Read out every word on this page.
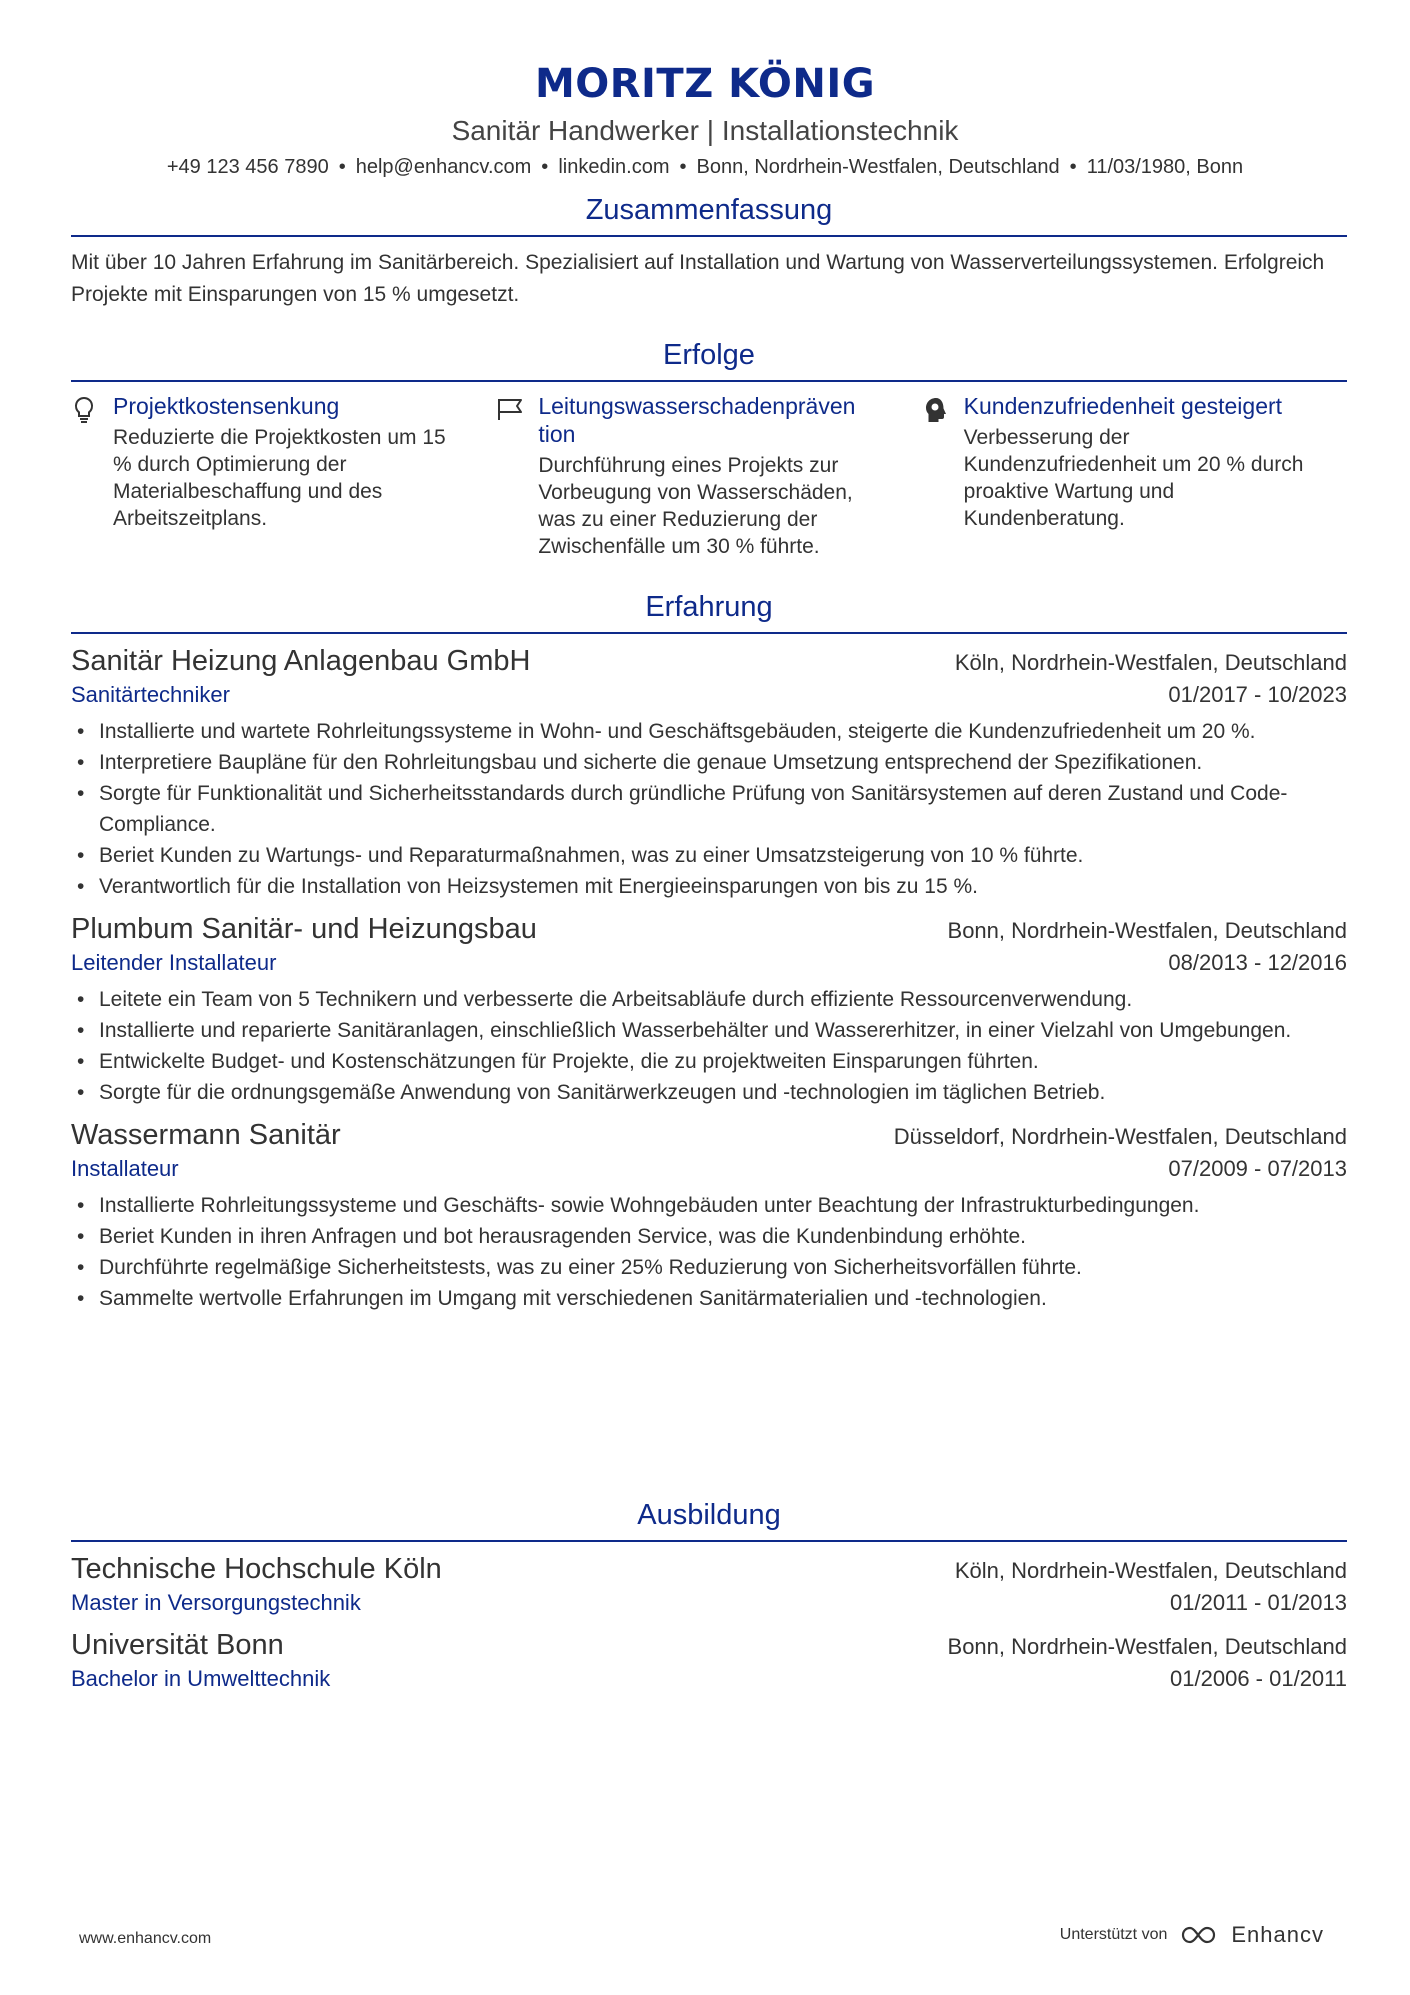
MORITZ KÖNIG
Sanitär Handwerker | Installationstechnik
+49 123 456 7890 • help@enhancv.com • linkedin.com • Bonn, Nordrhein-Westfalen, Deutschland • 11/03/1980, Bonn
Zusammenfassung
Mit über 10 Jahren Erfahrung im Sanitärbereich. Spezialisiert auf Installation und Wartung von Wasserverteilungssystemen. Erfolgreich Projekte mit Einsparungen von 15 % umgesetzt.
Erfolge
Projektkostensenkung
Reduzierte die Projektkosten um 15 % durch Optimierung der Materialbeschaffung und des Arbeitszeitplans.
Leitungswasserschadenpräven tion
Durchführung eines Projekts zur Vorbeugung von Wasserschäden, was zu einer Reduzierung der Zwischenfälle um 30 % führte.
Kundenzufriedenheit gesteigert
Verbesserung der Kundenzufriedenheit um 20 % durch proaktive Wartung und Kundenberatung.
Erfahrung
Sanitär Heizung Anlagenbau GmbH	Köln, Nordrhein-Westfalen, Deutschland
Sanitärtechniker	01/2017 - 10/2023
• Installierte und wartete Rohrleitungssysteme in Wohn- und Geschäftsgebäuden, steigerte die Kundenzufriedenheit um 20 %.
• Interpretiere Baupläne für den Rohrleitungsbau und sicherte die genaue Umsetzung entsprechend der Spezifikationen.
• Sorgte für Funktionalität und Sicherheitsstandards durch gründliche Prüfung von Sanitärsystemen auf deren Zustand und Code-Compliance.
• Beriet Kunden zu Wartungs- und Reparaturmaßnahmen, was zu einer Umsatzsteigerung von 10 % führte.
• Verantwortlich für die Installation von Heizsystemen mit Energieeinsparungen von bis zu 15 %.
Plumbum Sanitär- und Heizungsbau	Bonn, Nordrhein-Westfalen, Deutschland
Leitender Installateur	08/2013 - 12/2016
• Leitete ein Team von 5 Technikern und verbesserte die Arbeitsabläufe durch effiziente Ressourcenverwendung.
• Installierte und reparierte Sanitäranlagen, einschließlich Wasserbehälter und Wassererhitzer, in einer Vielzahl von Umgebungen.
• Entwickelte Budget- und Kostenschätzungen für Projekte, die zu projektweiten Einsparungen führten.
• Sorgte für die ordnungsgemäße Anwendung von Sanitärwerkzeugen und -technologien im täglichen Betrieb.
Wassermann Sanitär	Düsseldorf, Nordrhein-Westfalen, Deutschland
Installateur	07/2009 - 07/2013
• Installierte Rohrleitungssysteme und Geschäfts- sowie Wohngebäuden unter Beachtung der Infrastrukturbedingungen.
• Beriet Kunden in ihren Anfragen und bot herausragenden Service, was die Kundenbindung erhöhte.
• Durchführte regelmäßige Sicherheitstests, was zu einer 25% Reduzierung von Sicherheitsvorfällen führte.
• Sammelte wertvolle Erfahrungen im Umgang mit verschiedenen Sanitärmaterialien und -technologien.
Ausbildung
Technische Hochschule Köln	Köln, Nordrhein-Westfalen, Deutschland
Master in Versorgungstechnik	01/2011 - 01/2013
Universität Bonn	Bonn, Nordrhein-Westfalen, Deutschland
Bachelor in Umwelttechnik	01/2006 - 01/2011
www.enhancv.com	Unterstützt von	Enhancv
